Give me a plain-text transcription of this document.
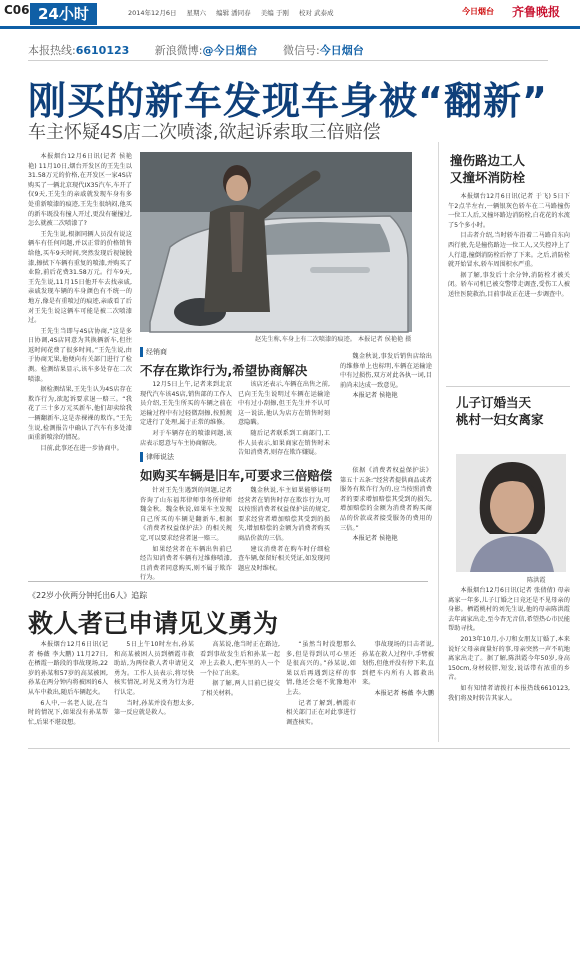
C06 24小时	2014年12月6日 星期六 编辑 潘同春 美编 于刚 校对 武泰成	今日烟台 齐鲁晚报
本报热线:6610123 新浪微博:@今日烟台 微信号:今日烟台
刚买的新车发现车身被“翻新”
车主怀疑4S店二次喷漆,欲起诉索取三倍赔偿

本报烟台12月6日讯(记者 侯艳艳) 11月10日,烟台开发区的王先生以31.58万元的价格,在开发区一家4S店购买了一辆北京现代IX35汽车,车开了仅9天,王先生的亲戚就发现车身有多处重新喷漆的痕迹,王先生很纳闷,他买的新车既没有撞人开过,更没有碰撞过,怎么就被二次喷漆了?

王先生说,根据同辆人员没有说这辆车有任何问题,并以正常的价格销售给他,买车9天时间,突然发现后视镜脱漆,擦拭下车辆有重复的喷漆,并购买了业险,前后花费31.58万元。行车9天,王先生说,11月15日他开车去找亲戚,亲戚发现车辆的车身颜色有不统一的地方,像是有重喷过的痕迹,亲戚看了后对王先生说这辆车可能是被二次喷漆过。

王先生当即与4S店协商,“这是多日协调,4S店同意为其换辆新车,但往返时间花费了很多时间。”王先生说,由于协商无果,他便向有关部门进行了检测。检测结果显示,该车多处存在二次喷漆。

据检测结果,王先生认为4S店存在欺诈行为,欲起诉要求退一赔三。“我花了三十多万元买新车,他们却卖给我一辆翻新车,这是赤裸裸的欺诈。”王先生说,检测报告中确认了汽车有多处漆面重新喷涂的情况。

目前,此事还在进一步协商中。

赵先生称,车身上有二次喷漆的痕迹。 本报记者 侯艳艳 摄
经销商
不存在欺诈行为,希望协商解决

12月5日上午,记者来到北京现代汽车该4S店,销售部的工作人员介绍,王先生所买的车辆之前在运输过程中有过轻微刮擦,按照规定进行了处理,属于正常的维修。

对于车辆存在的喷漆问题,该店表示愿意与车主协商解决。

该店还表示,车辆在出售之前,已向王先生说明过车辆在运输途中有过小刮擦,但王先生并不认可这一说法,他认为店方在销售时刻意隐瞒。

随后记者联系到工商部门,工作人员表示,如果商家在销售时未告知消费者,则存在欺诈嫌疑。

魏金秋说,事发后销售店给出的维修单上也标明,车辆在运输途中有过损伤,双方对此各执一词,目前尚未达成一致意见。

本报记者 侯艳艳

律师说法
如购买车辆是旧车,可要求三倍赔偿

针对王先生遇到的问题,记者咨询了山东福邦律师事务所律师魏金秋。魏金秋说,如果车主发现自己所买的车辆是翻新车,根据《消费者权益保护法》的相关规定,可以要求经营者退一赔三。

如果经营者在车辆出售前已经告知消费者车辆有过维修喷漆,且消费者同意购买,则不属于欺诈行为。

魏金秋说,车主如果能够证明经营者在销售时存在欺诈行为,可以按照消费者权益保护法的规定,要求经营者增加赔偿其受到的损失,增加赔偿的金额为消费者购买商品价款的三倍。

建议消费者在购车时仔细检查车辆,保留好相关凭证,如发现问题应及时维权。

依据《消费者权益保护法》第五十五条:“经营者提供商品或者服务有欺诈行为的,应当按照消费者的要求增加赔偿其受到的损失,增加赔偿的金额为消费者购买商品的价款或者接受服务的费用的三倍。”

本报记者 侯艳艳

撞伤路边工人
又撞坏消防栓

本报烟台12月6日讯(记者 于飞) 5日下午2点半左右,一辆银灰色轿车在二马路撞伤一位工人后,又撞坏路边消防栓,白花花的水流了5个多小时。

目击者介绍,当时轿车沿着二马路自东向西行驶,先是撞伤路边一位工人,又失控冲上了人行道,撞倒消防栓后停了下来。之后,消防栓就开始冒水,轿车周围积水严重。

据了解,事发后十余分钟,消防栓才被关闭。轿车司机已被交警带走调查,受伤工人被送往医院救治,目前事故正在进一步调查中。

儿子订婚当天
桃村一妇女离家
陈洪霞

本报烟台12月6日讯(记者 张倩倩) 母亲离家一年多,儿子订婚之日竟还是不见母亲的身影。栖霞桃村的刘先生说,他的母亲陈洪霞去年离家出走,至今杳无音信,希望热心市民能帮助寻找。

2013年10月,小刀和女朋友订婚了,本来说好父母亲商量好的事,母亲突然一声不吭地离家出走了。据了解,陈洪霞今年50岁,身高150cm,身材较胖,短发,说话带有浓重的乡音。

如有知情者请拨打本报热线6610123,我们将及时转告其家人。

《22岁小伙两分钟托出6人》追踪
救人者已申请见义勇为

本报烟台12月6日讯(记者 杨薇 李大鹏) 11月27日,在栖霞一路段的事故现场,22岁的孙某和57岁的高某被困,孙某在两分钟内将被困的6人从车中救出,随后车辆起火。

6人中,一名老人说,在当时的情况下,如果没有孙某帮忙,后果不堪设想。

5日上午10时左右,孙某和高某被困人员到栖霞市救助站,为两位救人者申请见义勇为。工作人员表示,将尽快核实情况,对见义勇为行为进行认定。

当时,孙某并没有想太多,第一反应就是救人。

高某说,他当时正在路边,看到事故发生后和孙某一起冲上去救人,把车里的人一个一个拉了出来。

据了解,两人目前已提交了相关材料。

“虽然当时没想那么多,但是得到认可心里还是很高兴的。”孙某说,如果以后再遇到这样的事情,他还会毫不犹豫地冲上去。

记者了解到,栖霞市相关部门正在对此事进行调查核实。

事故现场的目击者说,孙某在救人过程中,手臂被划伤,但他并没有停下来,直到把车内所有人都救出来。

本报记者 杨薇 李大鹏
